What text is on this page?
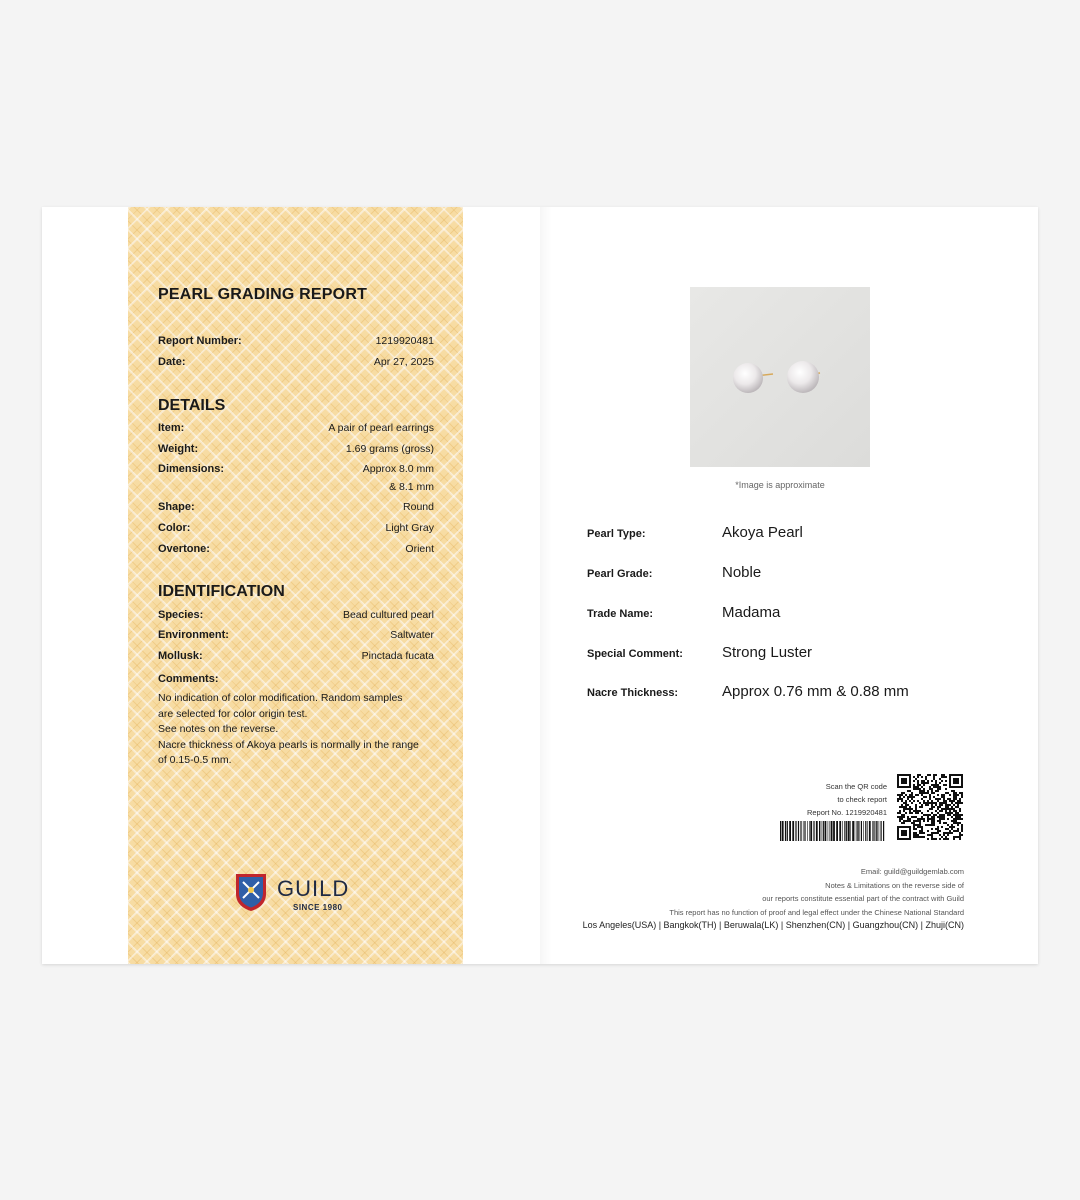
PEARL GRADING REPORT
Report Number:	1219920481
Date:	Apr 27, 2025
DETAILS
Item:	A pair of pearl earrings
Weight:	1.69 grams (gross)
Dimensions:	Approx 8.0 mm
& 8.1 mm
Shape:	Round
Color:	Light Gray
Overtone:	Orient
IDENTIFICATION
Species:	Bead cultured pearl
Environment:	Saltwater
Mollusk:	Pinctada fucata
Comments:
No indication of color modification. Random samples
are selected for color origin test.
See notes on the reverse.
Nacre thickness of Akoya pearls is normally in the range
of 0.15-0.5 mm.
GUILD
SINCE 1980
*Image is approximate
Pearl Type:	Akoya Pearl
Pearl Grade:	Noble
Trade Name:	Madama
Special Comment:	Strong Luster
Nacre Thickness:	Approx 0.76 mm & 0.88 mm
Scan the QR code
to check report
Report No. 1219920481
Email: guild@guildgemlab.com
Notes & Limitations on the reverse side of
our reports constitute essential part of the contract with Guild
This report has no function of proof and legal effect under the Chinese National Standard
Los Angeles(USA) | Bangkok(TH) | Beruwala(LK) | Shenzhen(CN) | Guangzhou(CN) | Zhuji(CN)
